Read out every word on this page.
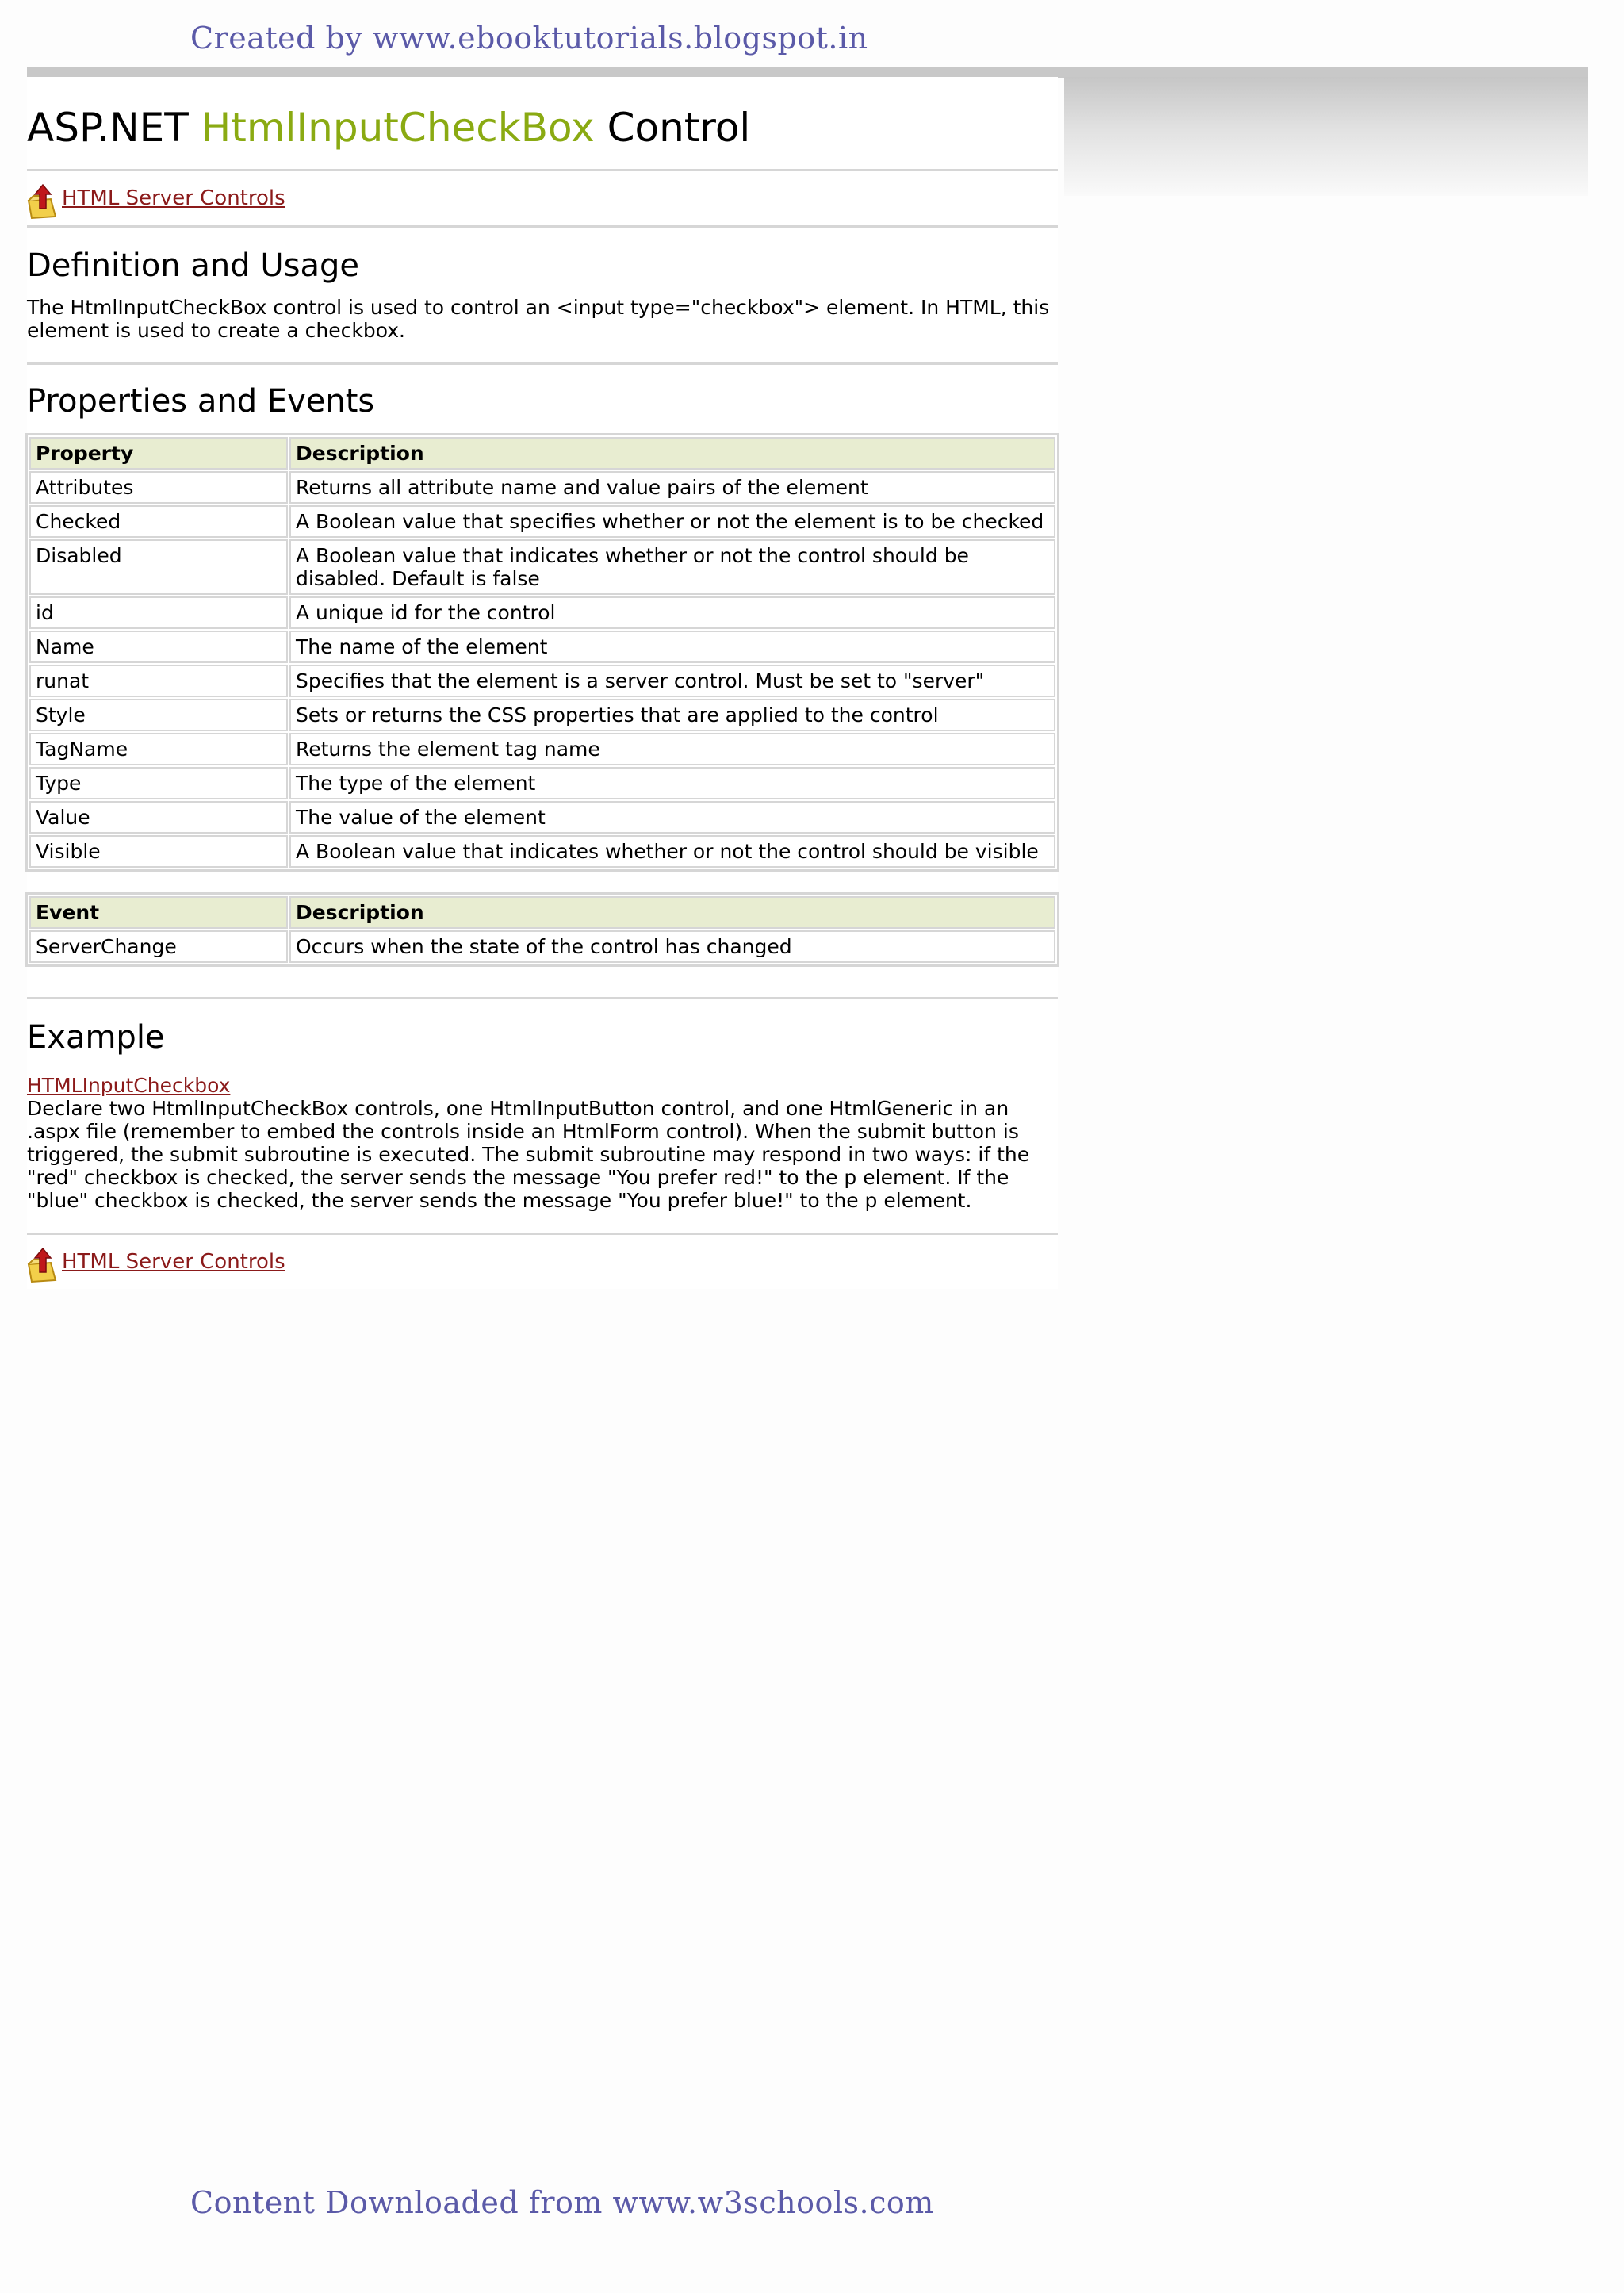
Created by www.ebooktutorials.blogspot.in
ASP.NET HtmlInputCheckBox Control
HTML Server Controls
Definition and Usage

The HtmlInputCheckBox control is used to control an <input type="checkbox"> element. In HTML, this element is used to create a checkbox.

Properties and Events
Property	Description
Attributes	Returns all attribute name and value pairs of the element
Checked	A Boolean value that specifies whether or not the element is to be checked
Disabled	A Boolean value that indicates whether or not the control should be disabled. Default is false
id	A unique id for the control
Name	The name of the element
runat	Specifies that the element is a server control. Must be set to "server"
Style	Sets or returns the CSS properties that are applied to the control
TagName	Returns the element tag name
Type	The type of the element
Value	The value of the element
Visible	A Boolean value that indicates whether or not the control should be visible
Event	Description
ServerChange	Occurs when the state of the control has changed
Example
HTMLInputCheckbox

Declare two HtmlInputCheckBox controls, one HtmlInputButton control, and one HtmlGeneric in an .aspx file (remember to embed the controls inside an HtmlForm control). When the submit button is triggered, the submit subroutine is executed. The submit subroutine may respond in two ways: if the "red" checkbox is checked, the server sends the message "You prefer red!" to the p element. If the "blue" checkbox is checked, the server sends the message "You prefer blue!" to the p element.

HTML Server Controls
Content Downloaded from www.w3schools.com
